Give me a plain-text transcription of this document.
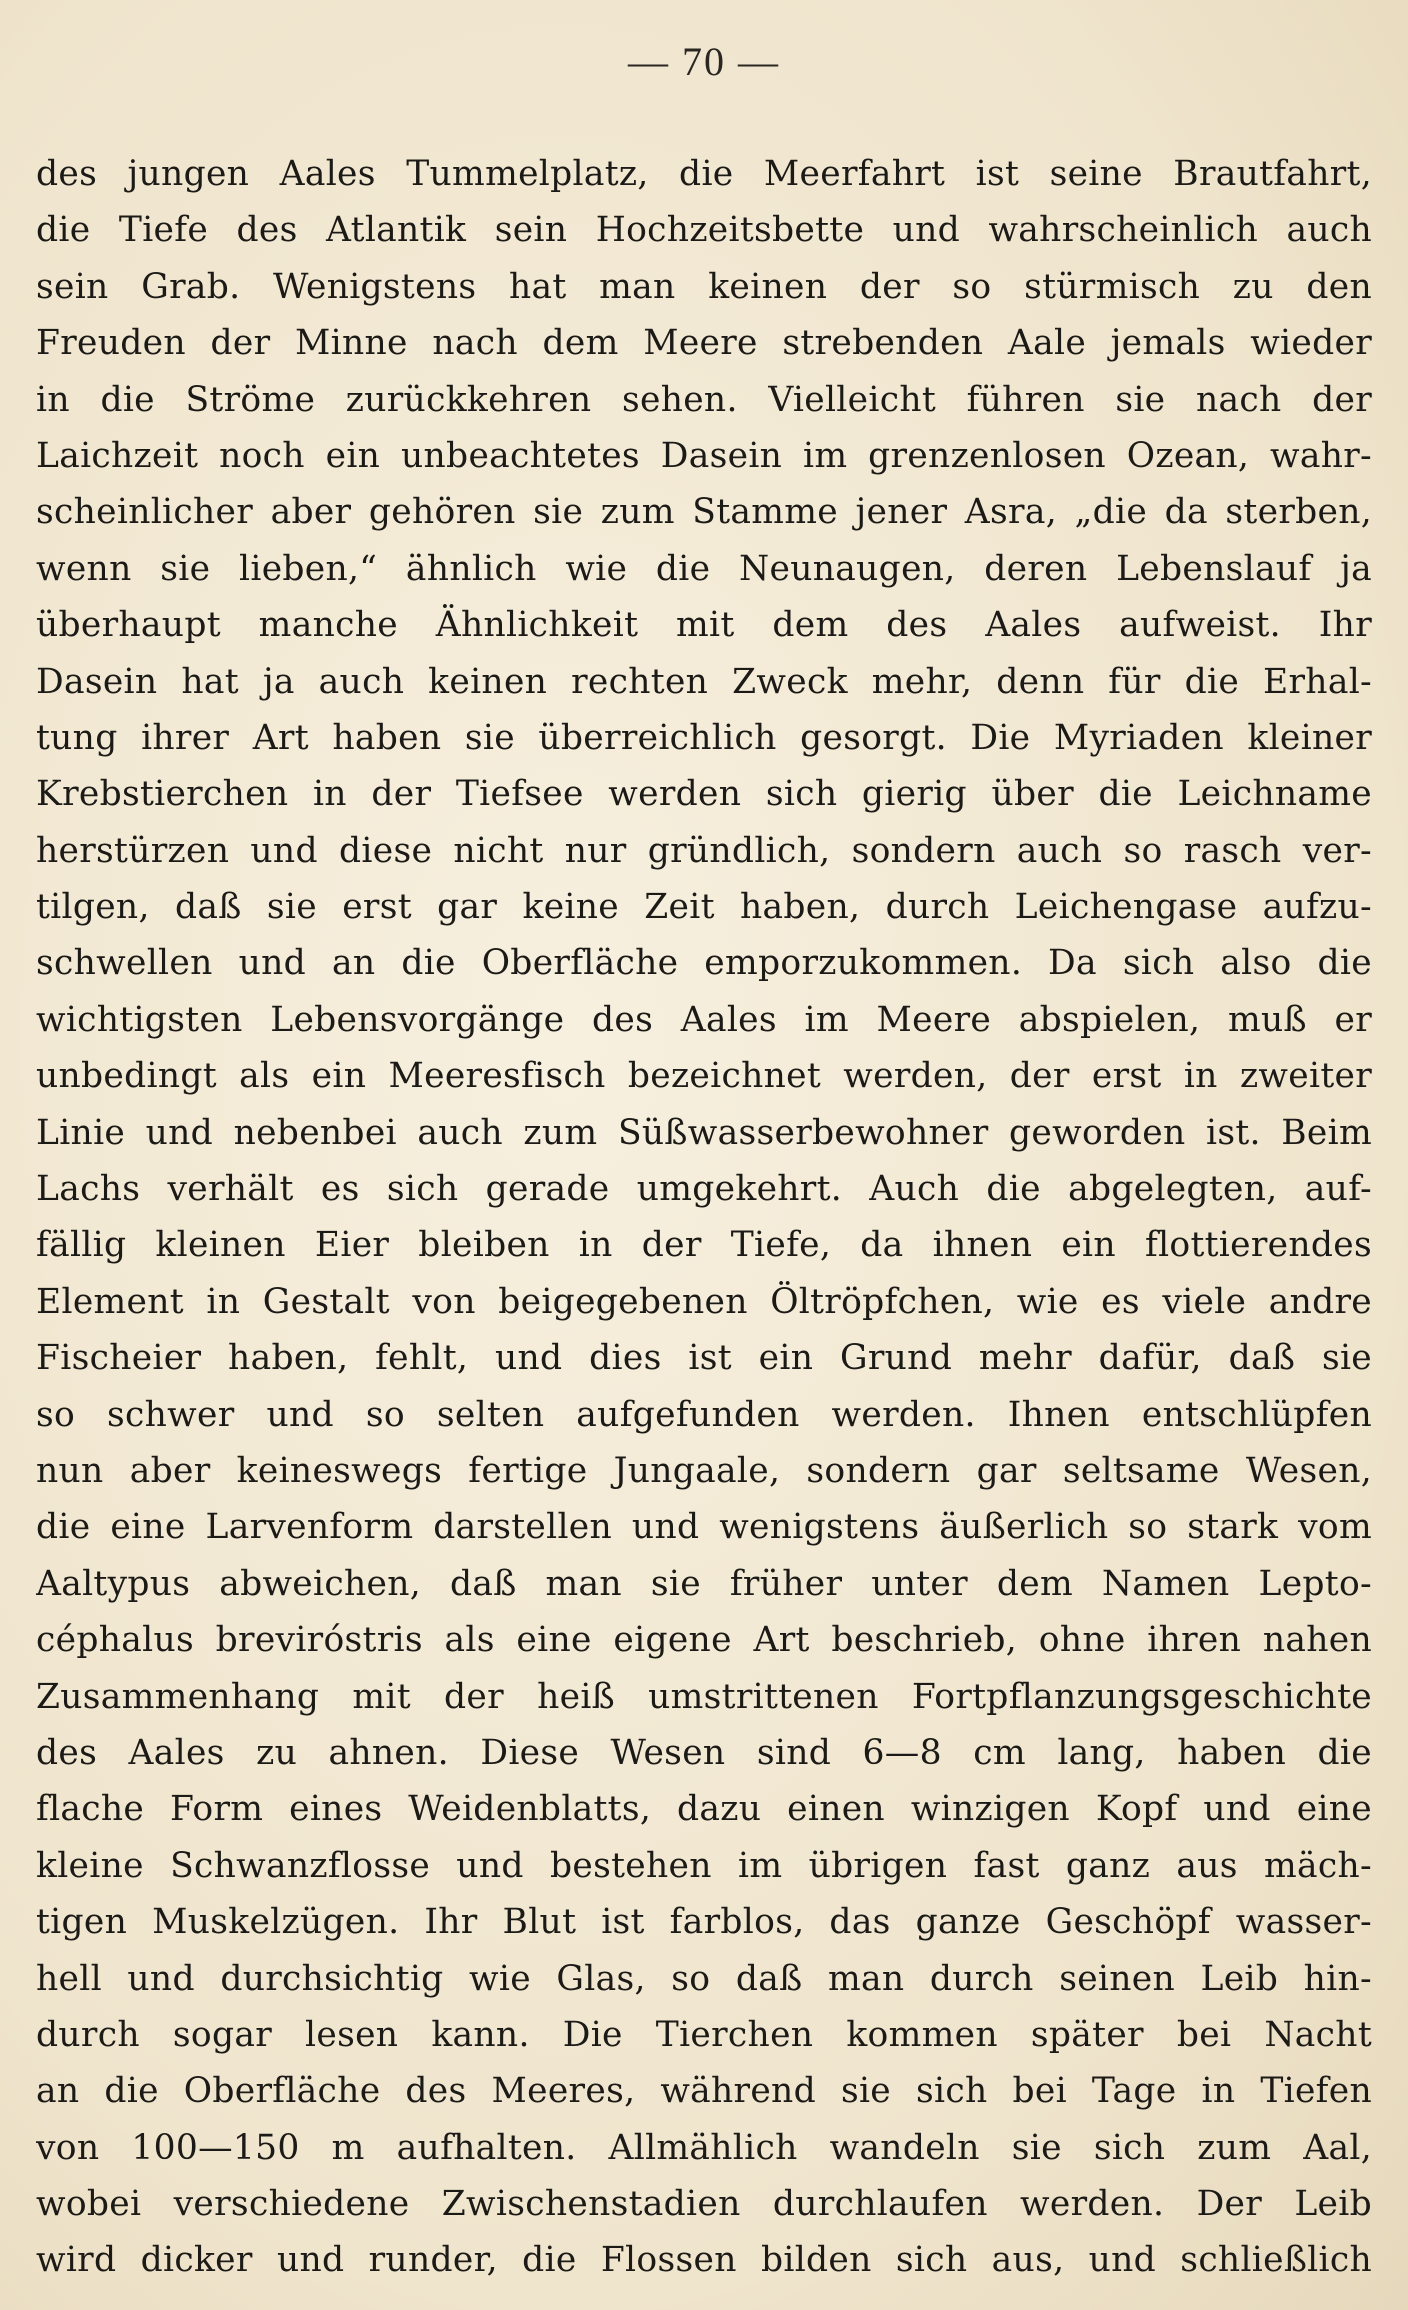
— 70 —
des jungen Aales Tummelplatz, die Meerfahrt ist seine Brautfahrt,
die Tiefe des Atlantik sein Hochzeitsbette und wahrscheinlich auch
sein Grab. Wenigstens hat man keinen der so stürmisch zu den
Freuden der Minne nach dem Meere strebenden Aale jemals wieder
in die Ströme zurückkehren sehen. Vielleicht führen sie nach der
Laichzeit noch ein unbeachtetes Dasein im grenzenlosen Ozean, wahr-
scheinlicher aber gehören sie zum Stamme jener Asra, „die da sterben,
wenn sie lieben,“ ähnlich wie die Neunaugen, deren Lebenslauf ja
überhaupt manche Ähnlichkeit mit dem des Aales aufweist. Ihr
Dasein hat ja auch keinen rechten Zweck mehr, denn für die Erhal-
tung ihrer Art haben sie überreichlich gesorgt. Die Myriaden kleiner
Krebstierchen in der Tiefsee werden sich gierig über die Leichname
herstürzen und diese nicht nur gründlich, sondern auch so rasch ver-
tilgen, daß sie erst gar keine Zeit haben, durch Leichengase aufzu-
schwellen und an die Oberfläche emporzukommen. Da sich also die
wichtigsten Lebensvorgänge des Aales im Meere abspielen, muß er
unbedingt als ein Meeresfisch bezeichnet werden, der erst in zweiter
Linie und nebenbei auch zum Süßwasserbewohner geworden ist. Beim
Lachs verhält es sich gerade umgekehrt. Auch die abgelegten, auf-
fällig kleinen Eier bleiben in der Tiefe, da ihnen ein flottierendes
Element in Gestalt von beigegebenen Öltröpfchen, wie es viele andre
Fischeier haben, fehlt, und dies ist ein Grund mehr dafür, daß sie
so schwer und so selten aufgefunden werden. Ihnen entschlüpfen
nun aber keineswegs fertige Jungaale, sondern gar seltsame Wesen,
die eine Larvenform darstellen und wenigstens äußerlich so stark vom
Aaltypus abweichen, daß man sie früher unter dem Namen Lepto-
céphalus breviróstris als eine eigene Art beschrieb, ohne ihren nahen
Zusammenhang mit der heiß umstrittenen Fortpflanzungsgeschichte
des Aales zu ahnen. Diese Wesen sind 6—8 cm lang, haben die
flache Form eines Weidenblatts, dazu einen winzigen Kopf und eine
kleine Schwanzflosse und bestehen im übrigen fast ganz aus mäch-
tigen Muskelzügen. Ihr Blut ist farblos, das ganze Geschöpf wasser-
hell und durchsichtig wie Glas, so daß man durch seinen Leib hin-
durch sogar lesen kann. Die Tierchen kommen später bei Nacht
an die Oberfläche des Meeres, während sie sich bei Tage in Tiefen
von 100—150 m aufhalten. Allmählich wandeln sie sich zum Aal,
wobei verschiedene Zwischenstadien durchlaufen werden. Der Leib
wird dicker und runder, die Flossen bilden sich aus, und schließlich
